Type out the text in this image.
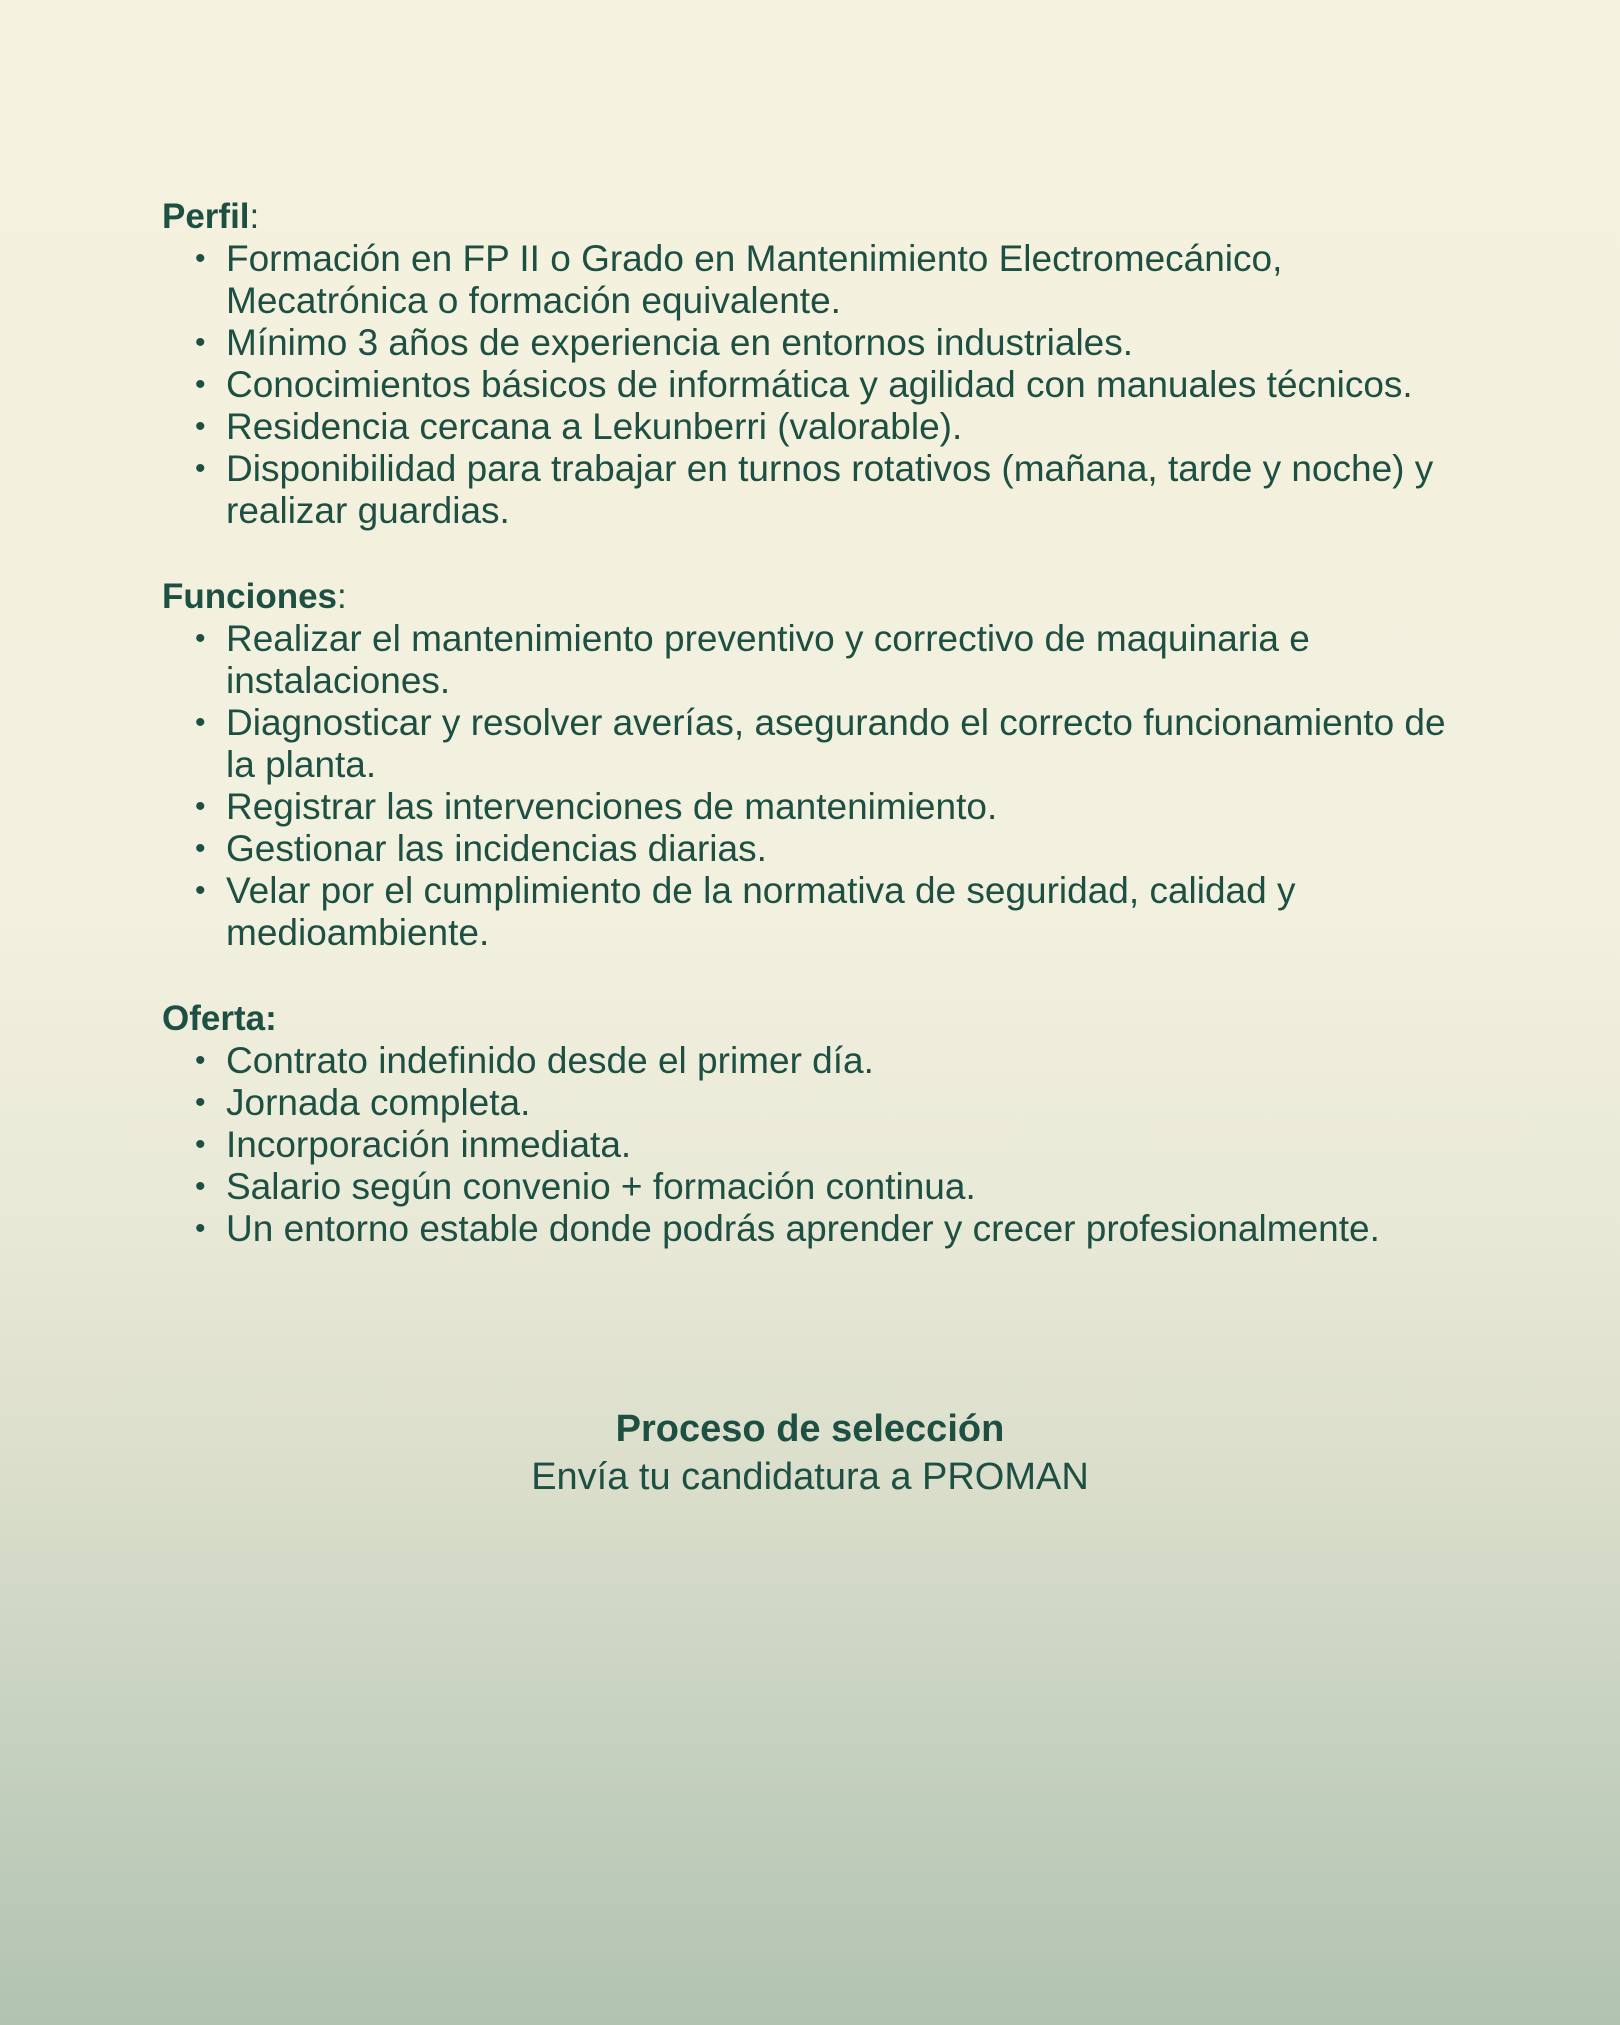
Perfil:
• Formación en FP II o Grado en Mantenimiento Electromecánico, Mecatrónica o formación equivalente.
• Mínimo 3 años de experiencia en entornos industriales.
• Conocimientos básicos de informática y agilidad con manuales técnicos.
• Residencia cercana a Lekunberri (valorable).
• Disponibilidad para trabajar en turnos rotativos (mañana, tarde y noche) y realizar guardias.
Funciones:
• Realizar el mantenimiento preventivo y correctivo de maquinaria e instalaciones.
• Diagnosticar y resolver averías, asegurando el correcto funcionamiento de la planta.
• Registrar las intervenciones de mantenimiento.
• Gestionar las incidencias diarias.
• Velar por el cumplimiento de la normativa de seguridad, calidad y medioambiente.
Oferta:
• Contrato indefinido desde el primer día.
• Jornada completa.
• Incorporación inmediata.
• Salario según convenio + formación continua.
• Un entorno estable donde podrás aprender y crecer profesionalmente.
Proceso de selección
Envía tu candidatura a PROMAN
